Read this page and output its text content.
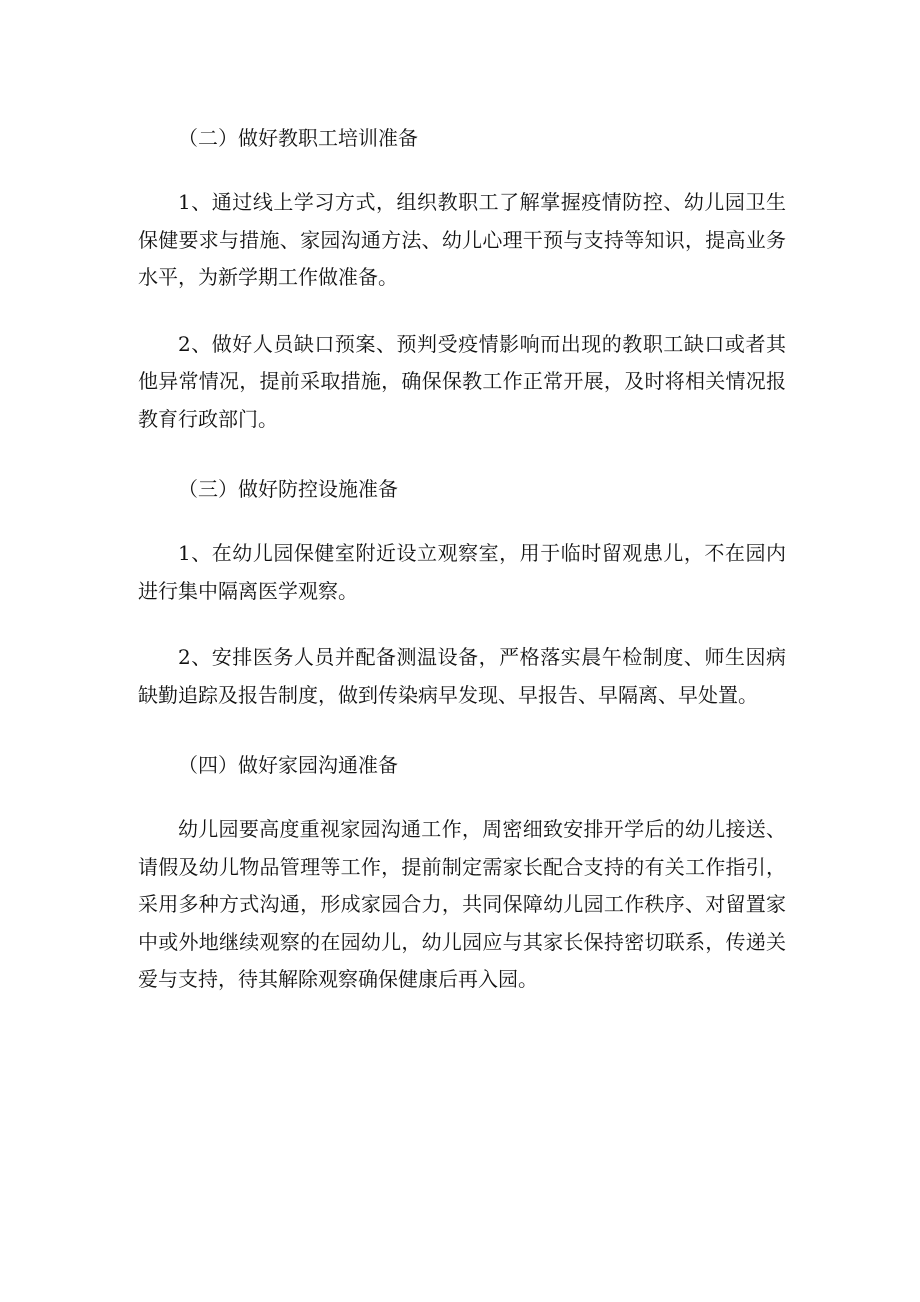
（二）做好教职工培训准备

1、通过线上学习方式，组织教职工了解掌握疫情防控、幼儿园卫生保健要求与措施、家园沟通方法、幼儿心理干预与支持等知识，提高业务水平，为新学期工作做准备。

2、做好人员缺口预案、预判受疫情影响而出现的教职工缺口或者其他异常情况，提前采取措施，确保保教工作正常开展，及时将相关情况报教育行政部门。

（三）做好防控设施准备

1、在幼儿园保健室附近设立观察室，用于临时留观患儿，不在园内进行集中隔离医学观察。

2、安排医务人员并配备测温设备，严格落实晨午检制度、师生因病缺勤追踪及报告制度，做到传染病早发现、早报告、早隔离、早处置。

（四）做好家园沟通准备

幼儿园要高度重视家园沟通工作，周密细致安排开学后的幼儿接送、请假及幼儿物品管理等工作，提前制定需家长配合支持的有关工作指引，采用多种方式沟通，形成家园合力，共同保障幼儿园工作秩序、对留置家中或外地继续观察的在园幼儿，幼儿园应与其家长保持密切联系，传递关爱与支持，待其解除观察确保健康后再入园。
